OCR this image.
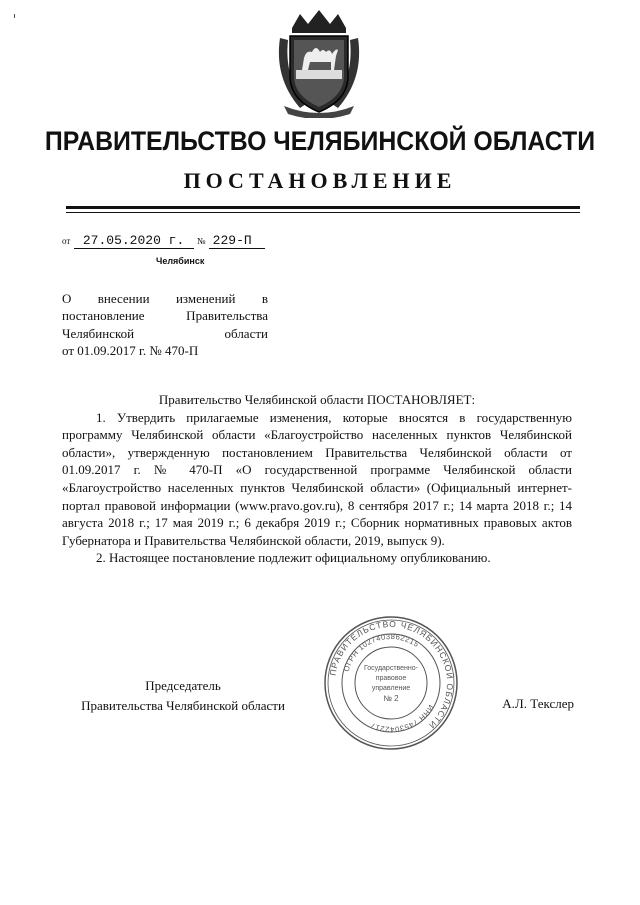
ПРАВИТЕЛЬСТВО ЧЕЛЯБИНСКОЙ ОБЛАСТИ
ПОСТАНОВЛЕНИЕ
от 27.05.2020 г. № 229-П
Челябинск
О внесении изменений в
постановление Правительства
Челябинской области
от 01.09.2017 г. № 470-П

Правительство Челябинской области ПОСТАНОВЛЯЕТ:

1. Утвердить прилагаемые изменения, которые вносятся в государственную программу Челябинской области «Благоустройство населенных пунктов Челябинской области», утвержденную постановлением Правительства Челябинской области от 01.09.2017 г. № 470-П «О государственной программе Челябинской области «Благоустройство населенных пунктов Челябинской области» (Официальный интернет-портал правовой информации (www.pravo.gov.ru), 8 сентября 2017 г.; 14 марта 2018 г.; 14 августа 2018 г.; 17 мая 2019 г.; 6 декабря 2019 г.; Сборник нормативных правовых актов Губернатора и Правительства Челябинской области, 2019, выпуск 9).

2. Настоящее постановление подлежит официальному опубликованию.

Председатель
Правительства Челябинской области	А.Л. Текслер
ПРАВИТЕЛЬСТВО ЧЕЛЯБИНСКОЙ ОБЛАСТИ
ОГРН 1027403862215
ИНН 7453042217
Государственно-
правовое
управление
№ 2
